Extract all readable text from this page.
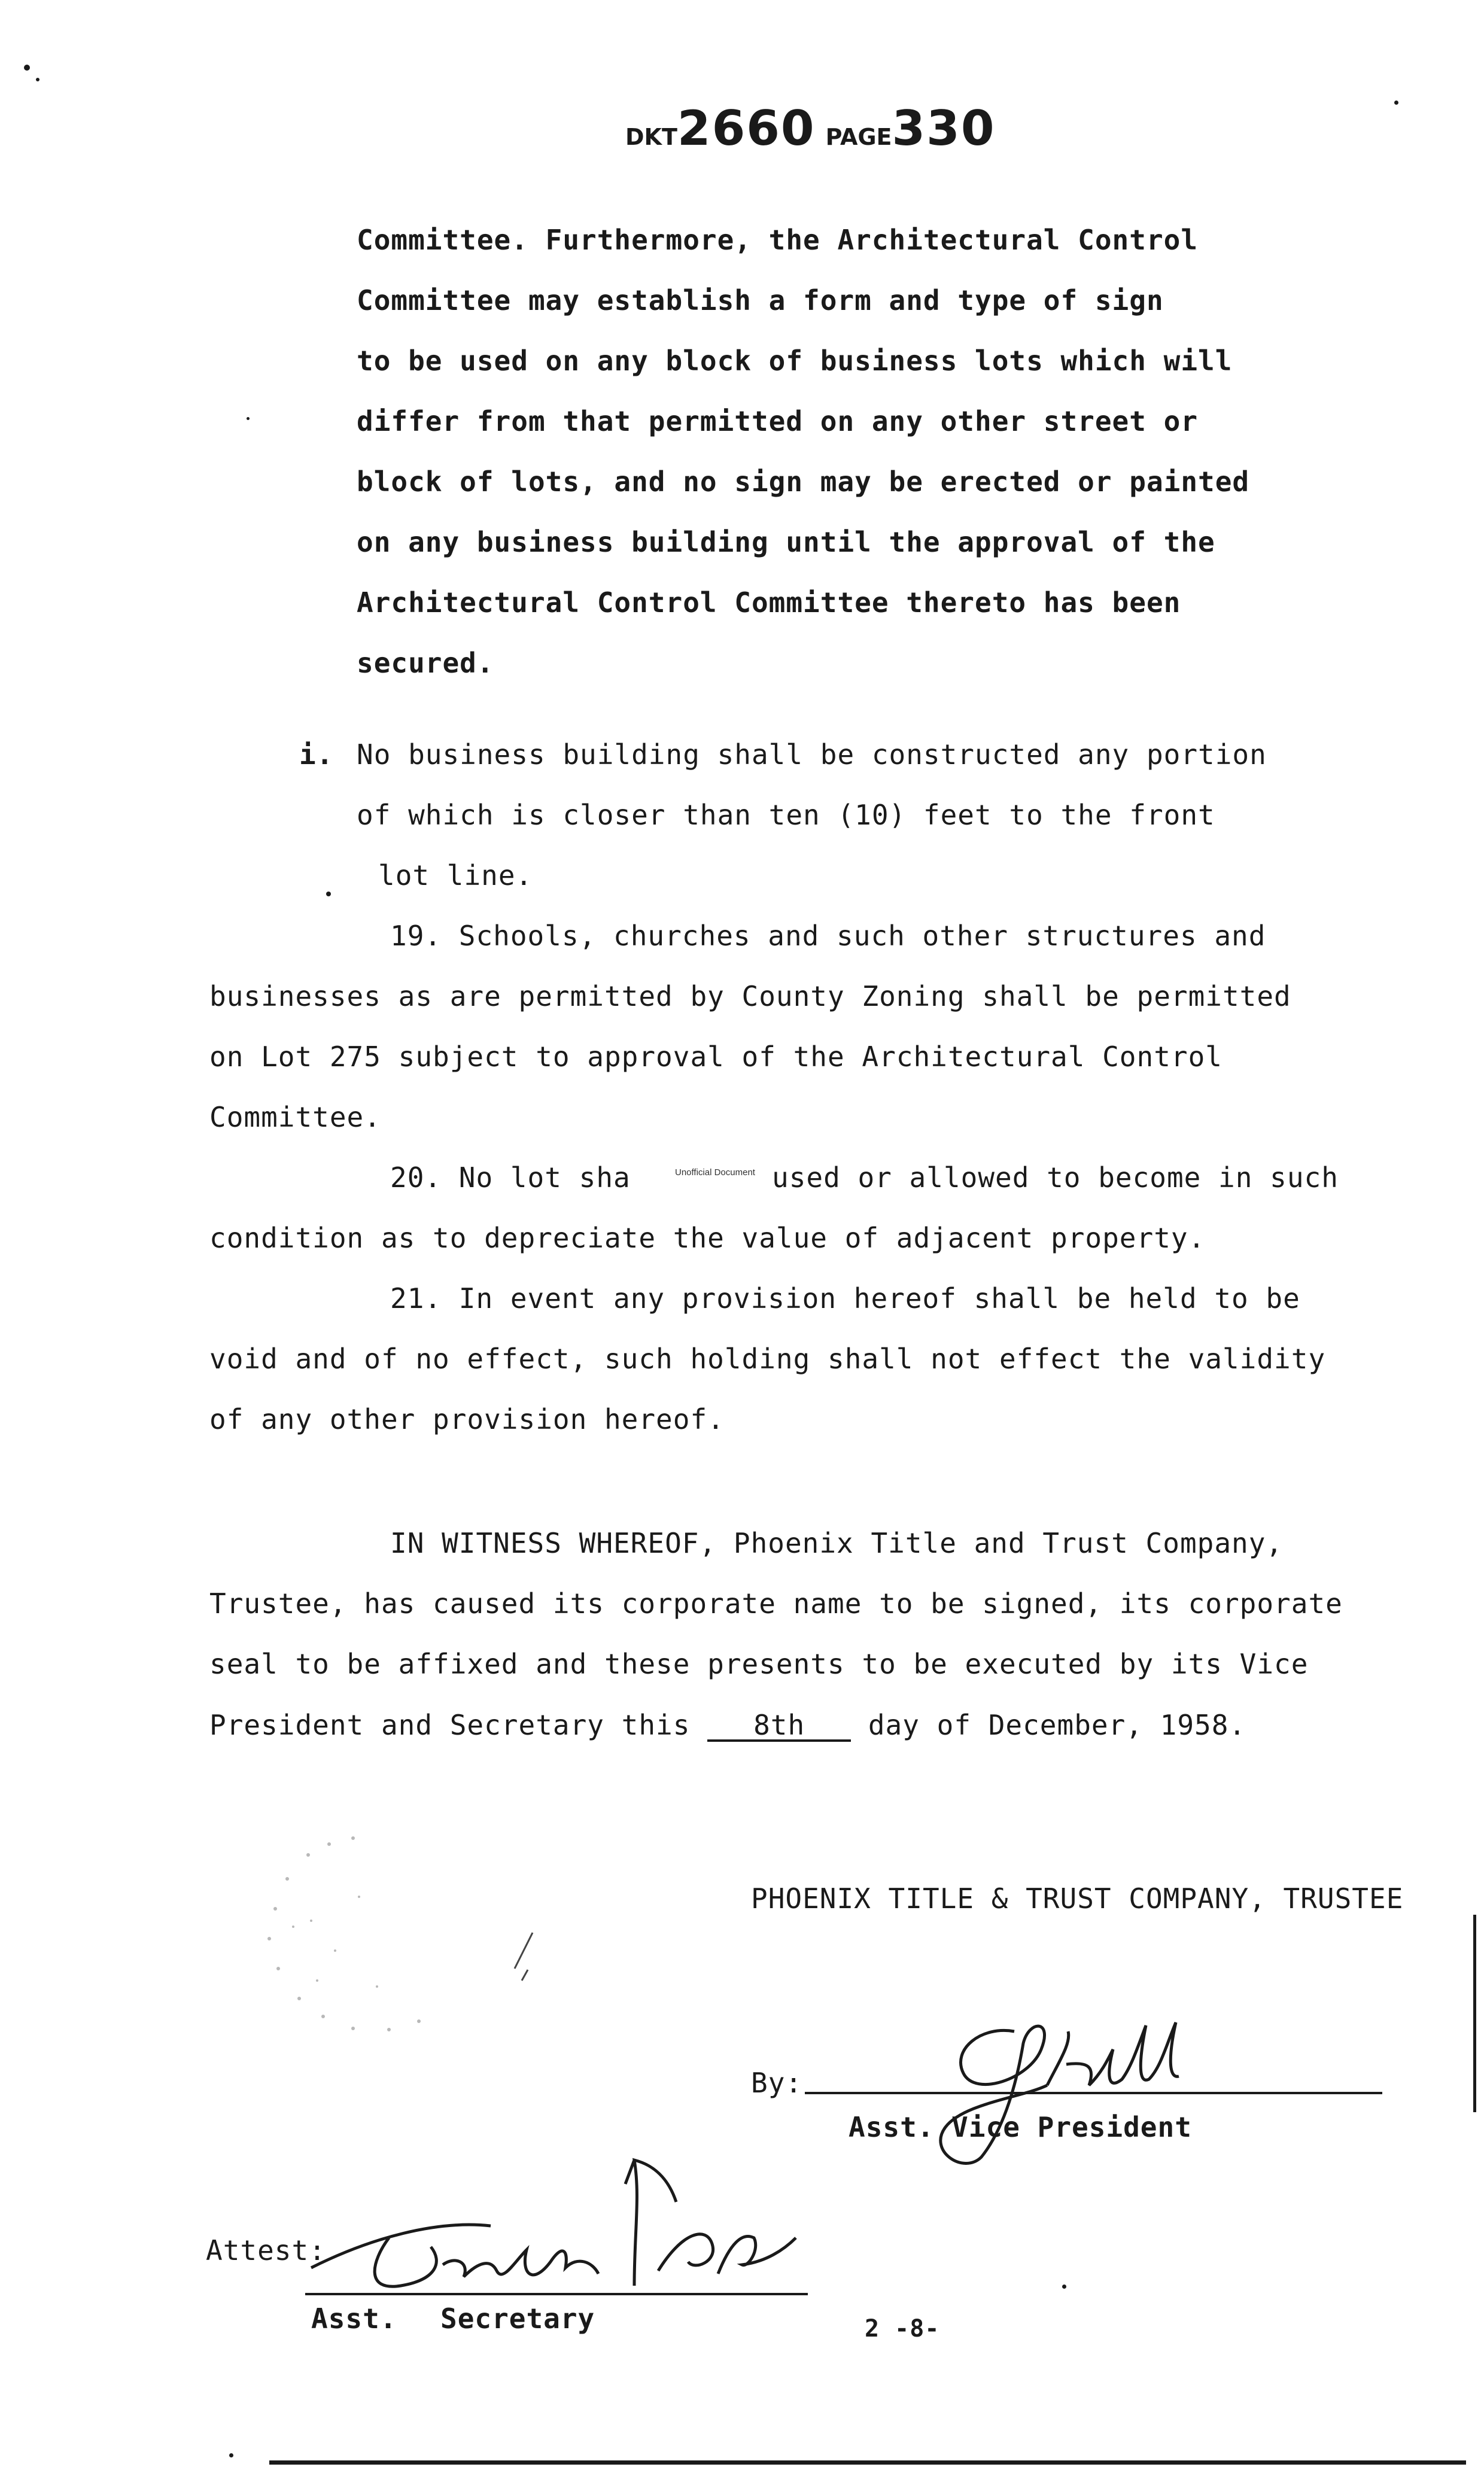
DKT2660 PAGE330
Committee. Furthermore, the Architectural Control
Committee may establish a form and type of sign
to be used on any block of business lots which will
differ from that permitted on any other street or
block of lots, and no sign may be erected or painted
on any business building until the approval of the
Architectural Control Committee thereto has been
secured.
i. No business building shall be constructed any portion
of which is closer than ten (10) feet to the front
lot line.
19. Schools, churches and such other structures and
businesses as are permitted by County Zoning shall be permitted
on Lot 275 subject to approval of the Architectural Control
Committee.
20. No lot sha	Unofficial Document used or allowed to become in such
condition as to depreciate the value of adjacent property.
21. In event any provision hereof shall be held to be
void and of no effect, such holding shall not effect the validity
of any other provision hereof.
IN WITNESS WHEREOF, Phoenix Title and Trust Company,
Trustee, has caused its corporate name to be signed, its corporate
seal to be affixed and these presents to be executed by its Vice
President and Secretary this 8th day of December, 1958.
PHOENIX TITLE & TRUST COMPANY, TRUSTEE
By:
Asst. Vice President
Attest:
Asst. Secretary	2 -8-
